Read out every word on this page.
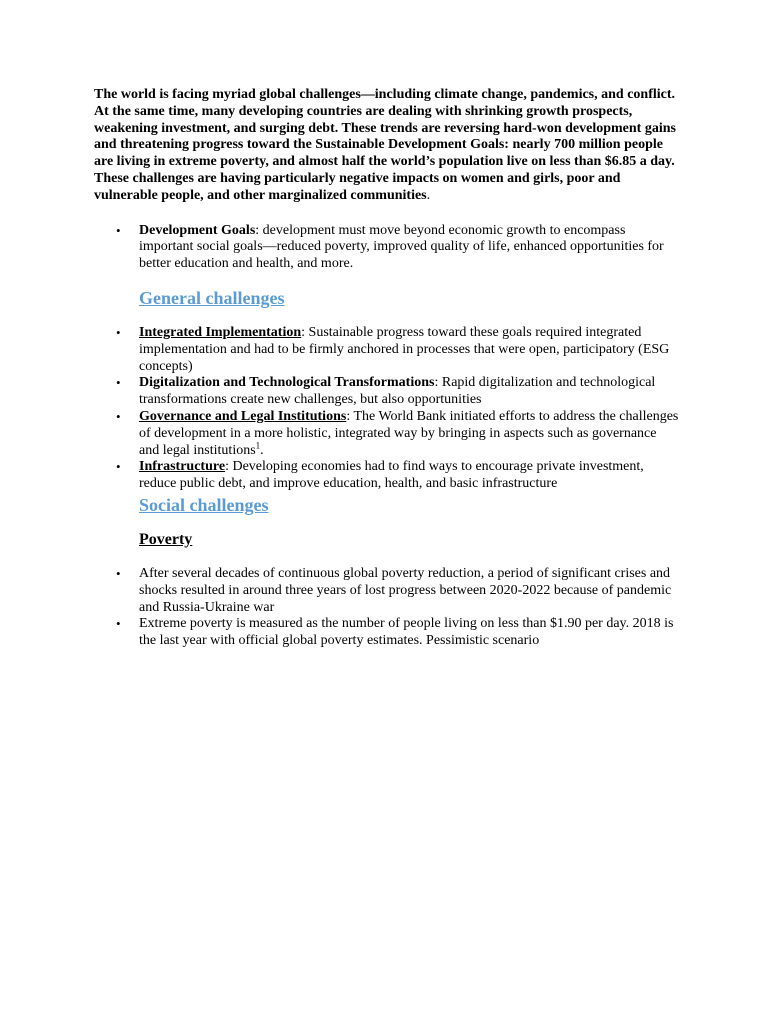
The world is facing myriad global challenges—including climate change, pandemics, and conflict. At the same time, many developing countries are dealing with shrinking growth prospects, weakening investment, and surging debt. These trends are reversing hard-won development gains and threatening progress toward the Sustainable Development Goals: nearly 700 million people are living in extreme poverty, and almost half the world’s population live on less than $6.85 a day. These challenges are having particularly negative impacts on women and girls, poor and vulnerable people, and other marginalized communities.

• Development Goals: development must move beyond economic growth to encompass important social goals—reduced poverty, improved quality of life, enhanced opportunities for better education and health, and more.
General challenges
• Integrated Implementation: Sustainable progress toward these goals required integrated implementation and had to be firmly anchored in processes that were open, participatory (ESG concepts)
• Digitalization and Technological Transformations: Rapid digitalization and technological transformations create new challenges, but also opportunities
• Governance and Legal Institutions: The World Bank initiated efforts to address the challenges of development in a more holistic, integrated way by bringing in aspects such as governance and legal institutions$^1$.
• Infrastructure: Developing economies had to find ways to encourage private investment, reduce public debt, and improve education, health, and basic infrastructure
Social challenges
Poverty
• After several decades of continuous global poverty reduction, a period of significant crises and shocks resulted in around three years of lost progress between 2020-2022 because of pandemic and Russia-Ukraine war
• Extreme poverty is measured as the number of people living on less than $1.90 per day. 2018 is the last year with official global poverty estimates. Pessimistic scenario
